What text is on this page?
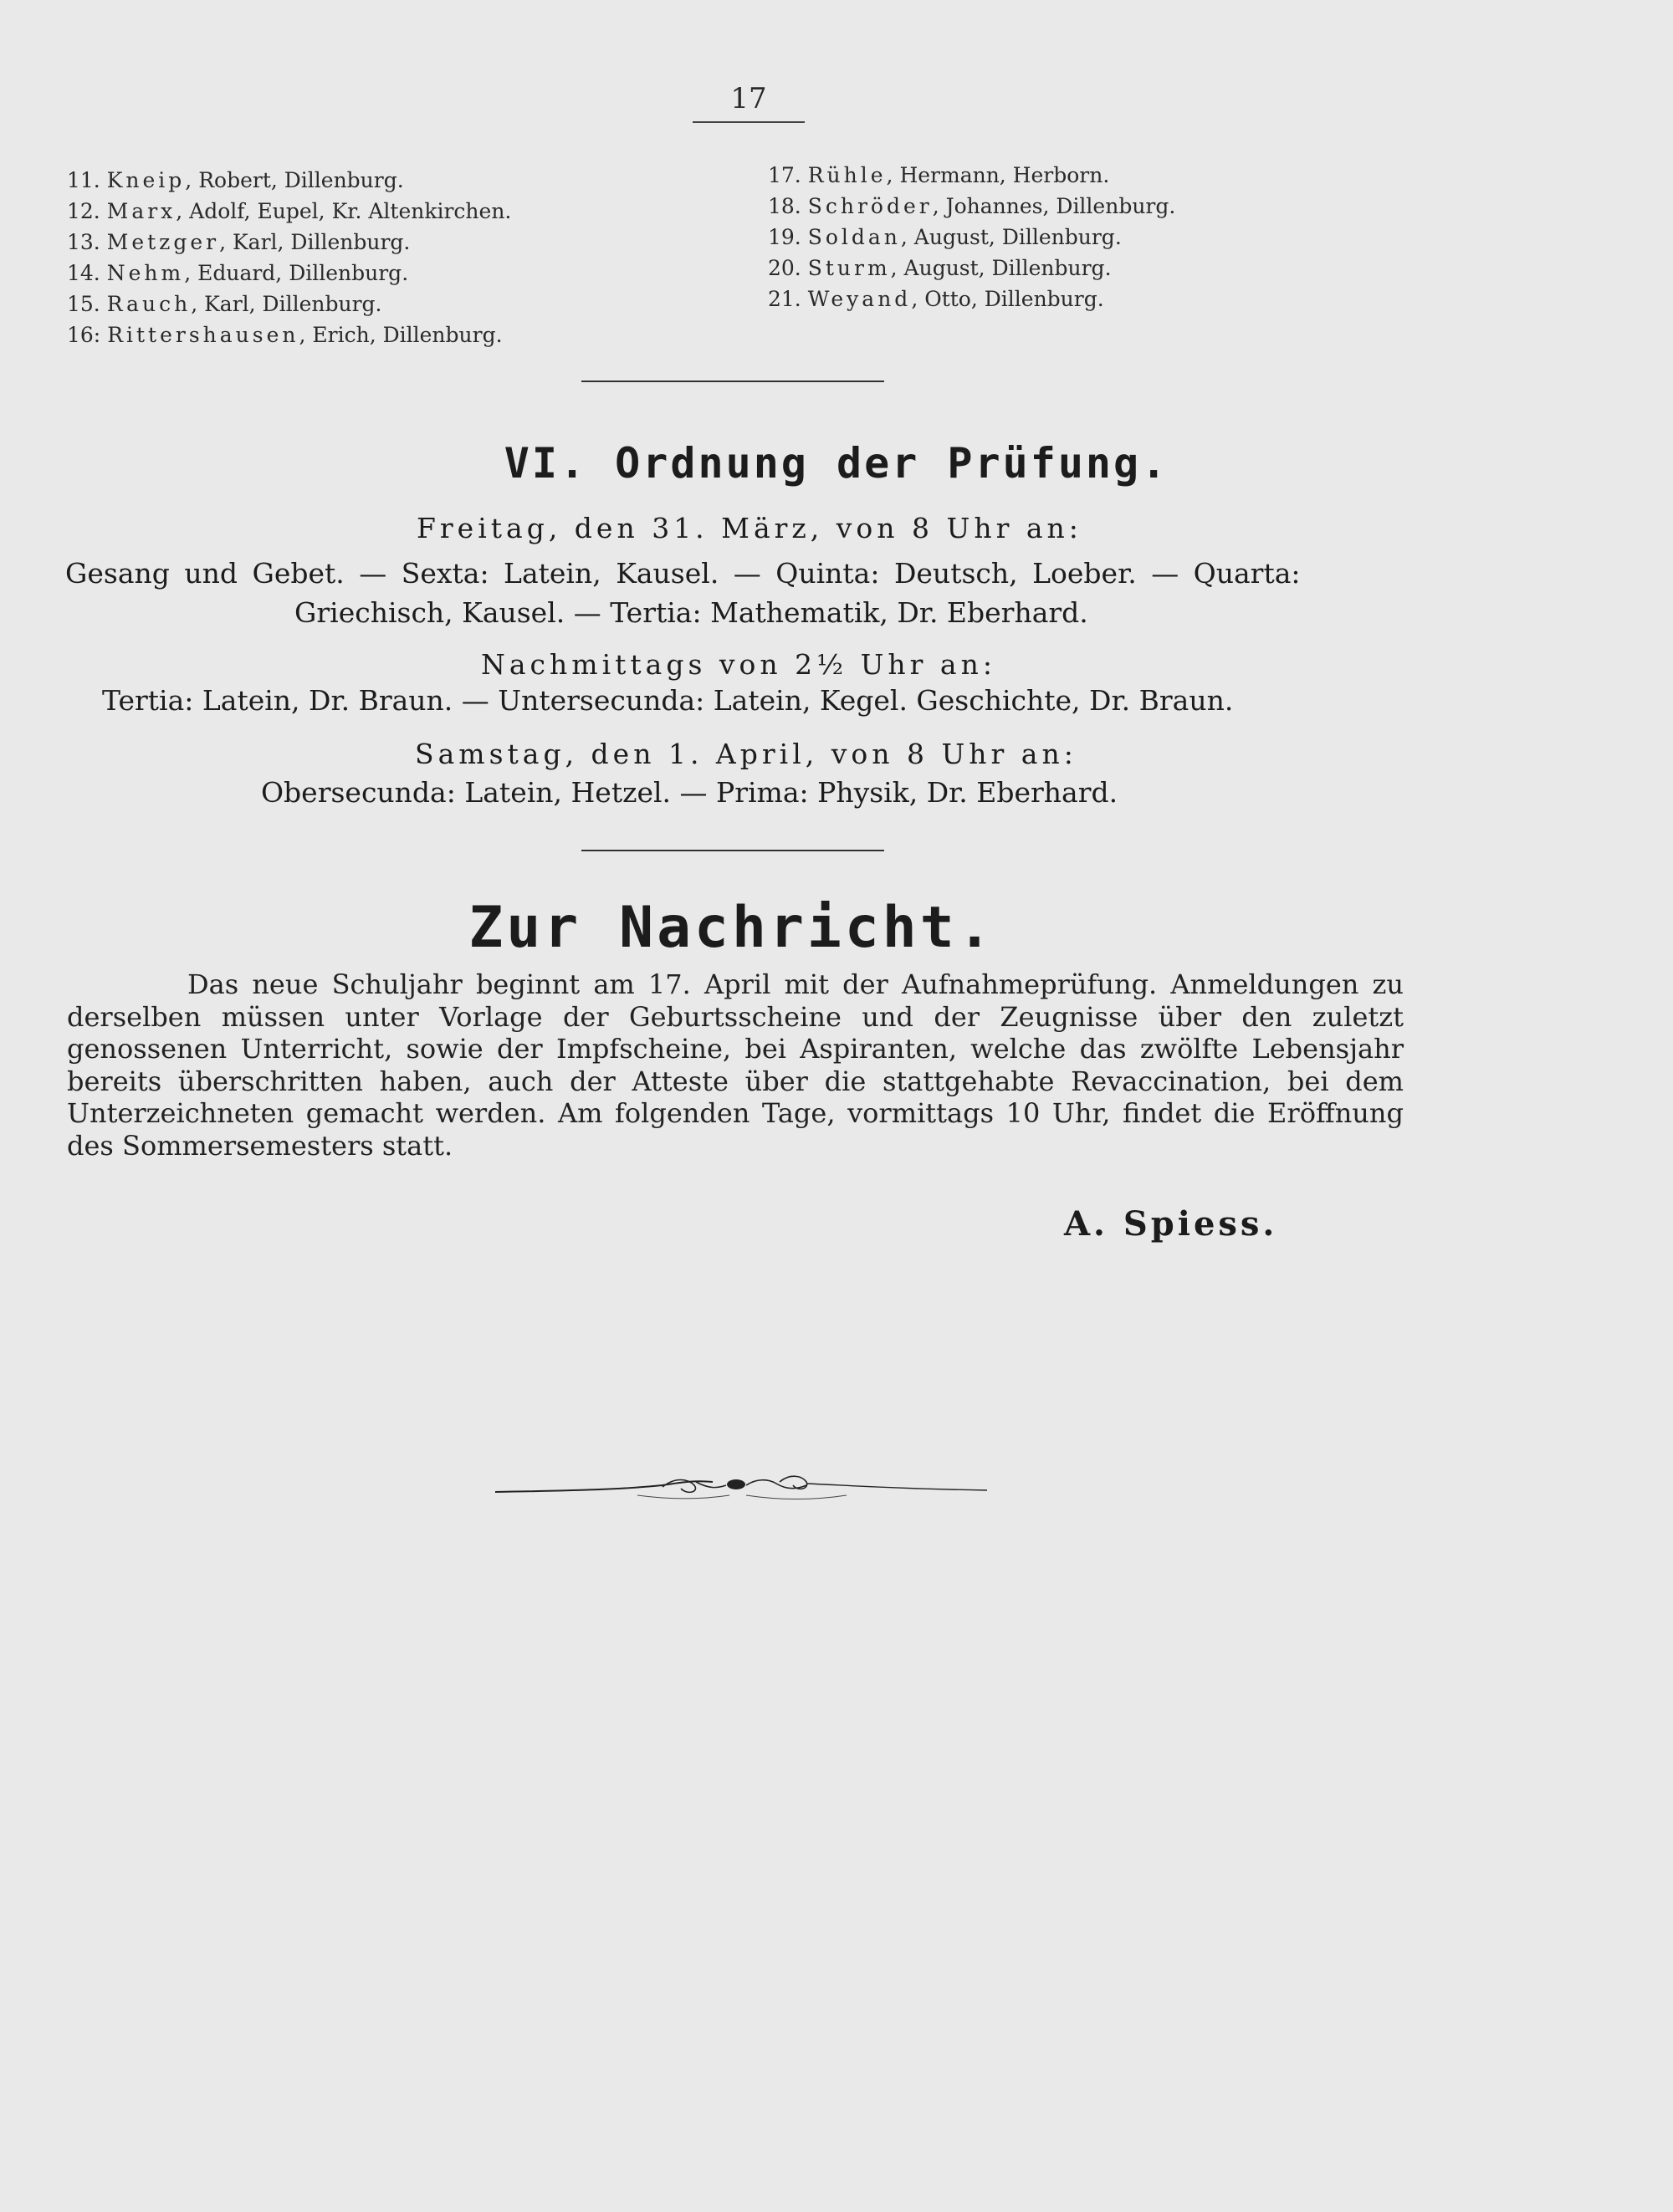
17
11. Kneip, Robert, Dillenburg.
12. Marx, Adolf, Eupel, Kr. Altenkirchen.
13. Metzger, Karl, Dillenburg.
14. Nehm, Eduard, Dillenburg.
15. Rauch, Karl, Dillenburg.
16: Rittershausen, Erich, Dillenburg.
17. Rühle, Hermann, Herborn.
18. Schröder, Johannes, Dillenburg.
19. Soldan, August, Dillenburg.
20. Sturm, August, Dillenburg.
21. Weyand, Otto, Dillenburg.
VI. Ordnung der Prüfung.
Freitag, den 31. März, von 8 Uhr an:
Gesang und Gebet. — Sexta: Latein, Kausel. — Quinta: Deutsch, Loeber. — Quarta:
Griechisch, Kausel. — Tertia: Mathematik, Dr. Eberhard.
Nachmittags von 2½ Uhr an:
Tertia: Latein, Dr. Braun. — Untersecunda: Latein, Kegel. Geschichte, Dr. Braun.
Samstag, den 1. April, von 8 Uhr an:
Obersecunda: Latein, Hetzel. — Prima: Physik, Dr. Eberhard.
Zur Nachricht.
Das neue Schuljahr beginnt am 17. April mit der Aufnahmeprüfung. Anmeldungen zu derselben müssen unter Vorlage der Geburtsscheine und der Zeugnisse über den zuletzt genossenen Unterricht, sowie der Impfscheine, bei Aspiranten, welche das zwölfte Lebensjahr bereits überschritten haben, auch der Atteste über die stattgehabte Revaccination, bei dem Unterzeichneten gemacht werden. Am folgenden Tage, vormittags 10 Uhr, findet die Eröffnung des Sommersemesters statt.
A. Spiess.
